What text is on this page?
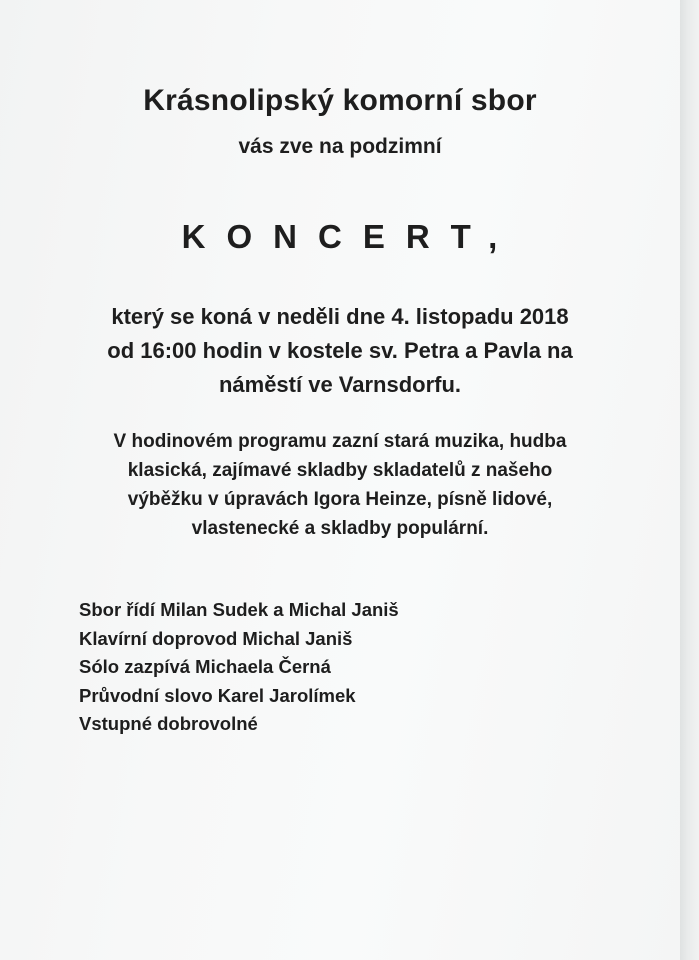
Krásnolipský komorní sbor
vás zve na podzimní
KONCERT,
který se koná v neděli dne 4. listopadu 2018
od 16:00 hodin v kostele sv. Petra a Pavla na
náměstí ve Varnsdorfu.
V hodinovém programu zazní stará muzika, hudba
klasická, zajímavé skladby skladatelů z našeho
výběžku v úpravách Igora Heinze, písně lidové,
vlastenecké a skladby populární.
Sbor řídí Milan Sudek a Michal Janiš
Klavírní doprovod Michal Janiš
Sólo zazpívá Michaela Černá
Průvodní slovo Karel Jarolímek
Vstupné dobrovolné
